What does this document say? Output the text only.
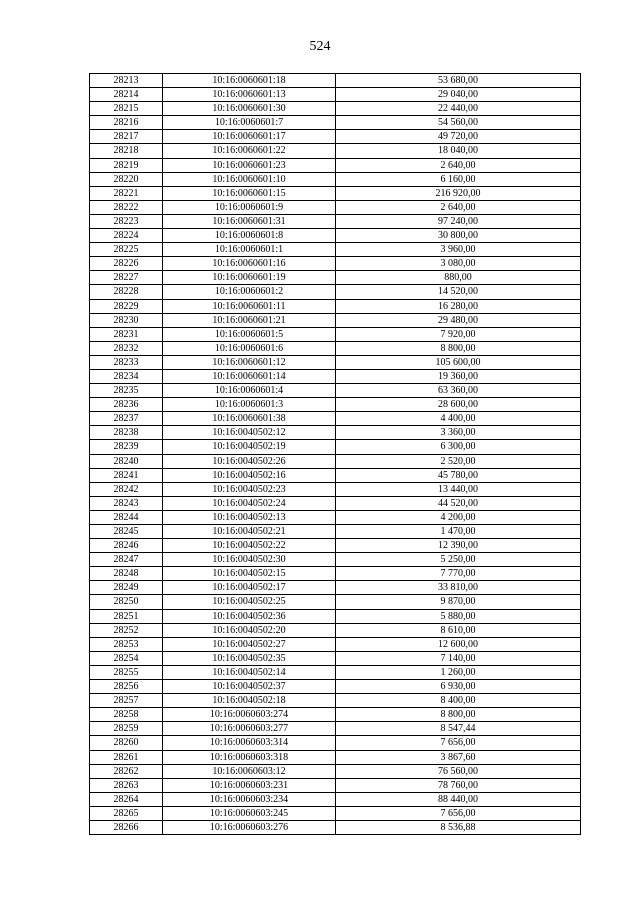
524
28213	10:16:0060601:18	53 680,00
28214	10:16:0060601:13	29 040,00
28215	10:16:0060601:30	22 440,00
28216	10:16:0060601:7	54 560,00
28217	10:16:0060601:17	49 720,00
28218	10:16:0060601:22	18 040,00
28219	10:16:0060601:23	2 640,00
28220	10:16:0060601:10	6 160,00
28221	10:16:0060601:15	216 920,00
28222	10:16:0060601:9	2 640,00
28223	10:16:0060601:31	97 240,00
28224	10:16:0060601:8	30 800,00
28225	10:16:0060601:1	3 960,00
28226	10:16:0060601:16	3 080,00
28227	10:16:0060601:19	880,00
28228	10:16:0060601:2	14 520,00
28229	10:16:0060601:11	16 280,00
28230	10:16:0060601:21	29 480,00
28231	10:16:0060601:5	7 920,00
28232	10:16:0060601:6	8 800,00
28233	10:16:0060601:12	105 600,00
28234	10:16:0060601:14	19 360,00
28235	10:16:0060601:4	63 360,00
28236	10:16:0060601:3	28 600,00
28237	10:16:0060601:38	4 400,00
28238	10:16:0040502:12	3 360,00
28239	10:16:0040502:19	6 300,00
28240	10:16:0040502:26	2 520,00
28241	10:16:0040502:16	45 780,00
28242	10:16:0040502:23	13 440,00
28243	10:16:0040502:24	44 520,00
28244	10:16:0040502:13	4 200,00
28245	10:16:0040502:21	1 470,00
28246	10:16:0040502:22	12 390,00
28247	10:16:0040502:30	5 250,00
28248	10:16:0040502:15	7 770,00
28249	10:16:0040502:17	33 810,00
28250	10:16:0040502:25	9 870,00
28251	10:16:0040502:36	5 880,00
28252	10:16:0040502:20	8 610,00
28253	10:16:0040502:27	12 600,00
28254	10:16:0040502:35	7 140,00
28255	10:16:0040502:14	1 260,00
28256	10:16:0040502:37	6 930,00
28257	10:16:0040502:18	8 400,00
28258	10:16:0060603:274	8 800,00
28259	10:16:0060603:277	8 547,44
28260	10:16:0060603:314	7 656,00
28261	10:16:0060603:318	3 867,60
28262	10:16:0060603:12	76 560,00
28263	10:16:0060603:231	78 760,00
28264	10:16:0060603:234	88 440,00
28265	10:16:0060603:245	7 656,00
28266	10:16:0060603:276	8 536,88
